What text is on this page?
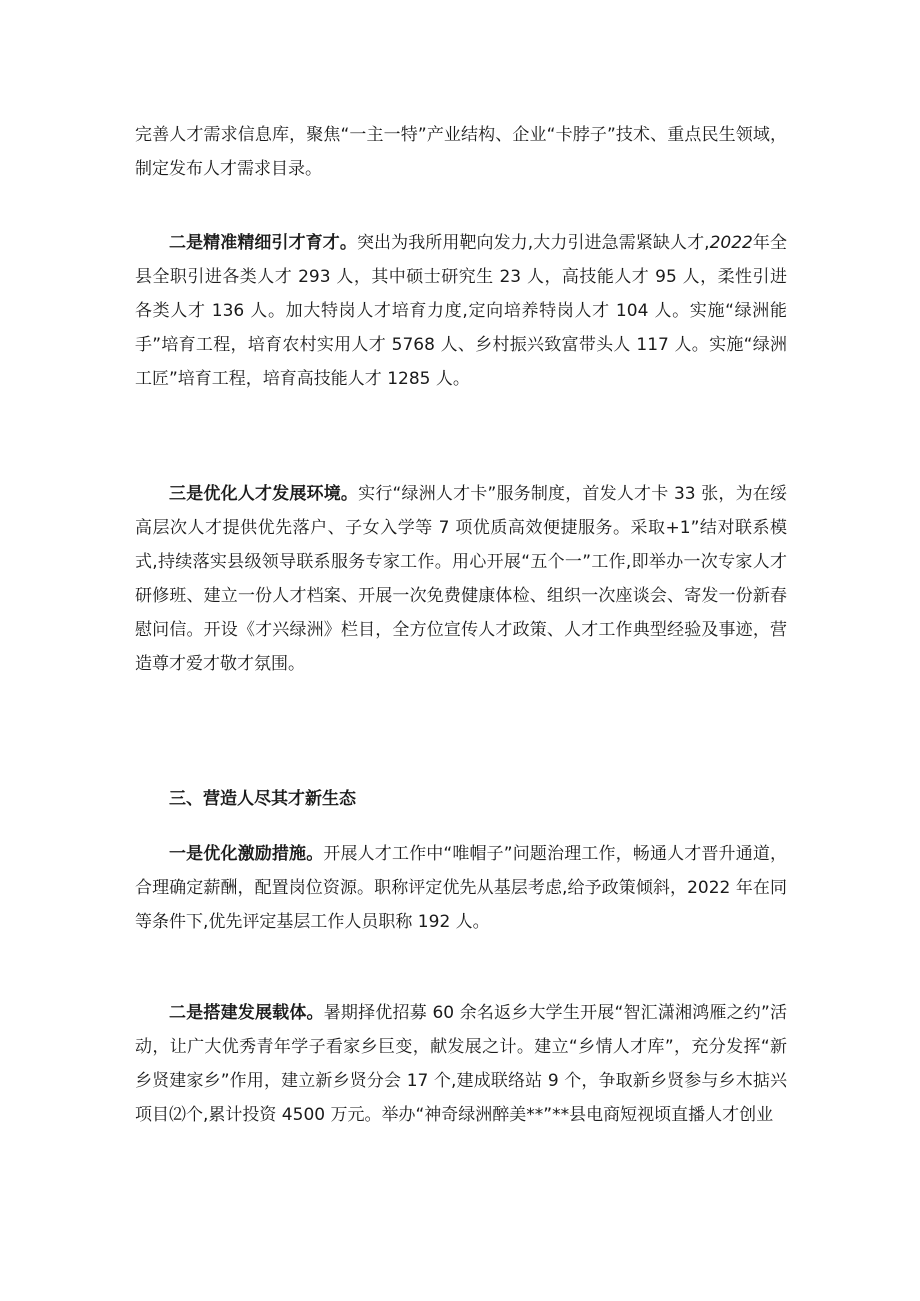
完善人才需求信息库，聚焦“一主一特”产业结构、企业“卡脖子”技术、重点民生领域，制定发布人才需求目录。

二是精准精细引才育才。突出为我所用靶向发力,大力引进急需紧缺人才,2022年全县全职引进各类人才 293 人，其中硕士研究生 23 人，高技能人才 95 人，柔性引进各类人才 136 人。加大特岗人才培育力度,定向培养特岗人才 104 人。实施“绿洲能手”培育工程，培育农村实用人才 5768 人、乡村振兴致富带头人 117 人。实施“绿洲工匠”培育工程，培育高技能人才 1285 人。

三是优化人才发展环境。实行“绿洲人才卡”服务制度，首发人才卡 33 张，为在绥高层次人才提供优先落户、子女入学等 7 项优质高效便捷服务。采取+1”结对联系模式,持续落实县级领导联系服务专家工作。用心开展“五个一”工作,即举办一次专家人才研修班、建立一份人才档案、开展一次免费健康体检、组织一次座谈会、寄发一份新春慰问信。开设《才兴绿洲》栏目，全方位宣传人才政策、人才工作典型经验及事迹，营造尊才爱才敬才氛围。

三、营造人尽其才新生态

一是优化激励措施。开展人才工作中“唯帽子”问题治理工作，畅通人才晋升通道，合理确定薪酬，配置岗位资源。职称评定优先从基层考虑,给予政策倾斜，2022 年在同等条件下,优先评定基层工作人员职称 192 人。

二是搭建发展载体。暑期择优招募 60 余名返乡大学生开展“智汇潇湘鸿雁之约”活动，让广大优秀青年学子看家乡巨变，献发展之计。建立“乡情人才库”，充分发挥“新乡贤建家乡”作用，建立新乡贤分会 17 个,建成联络站 9 个，争取新乡贤参与乡木掂兴项目⑵个,累计投资 4500 万元。举办“神奇绿洲醉美**”**县电商短视顷直播人才创业
